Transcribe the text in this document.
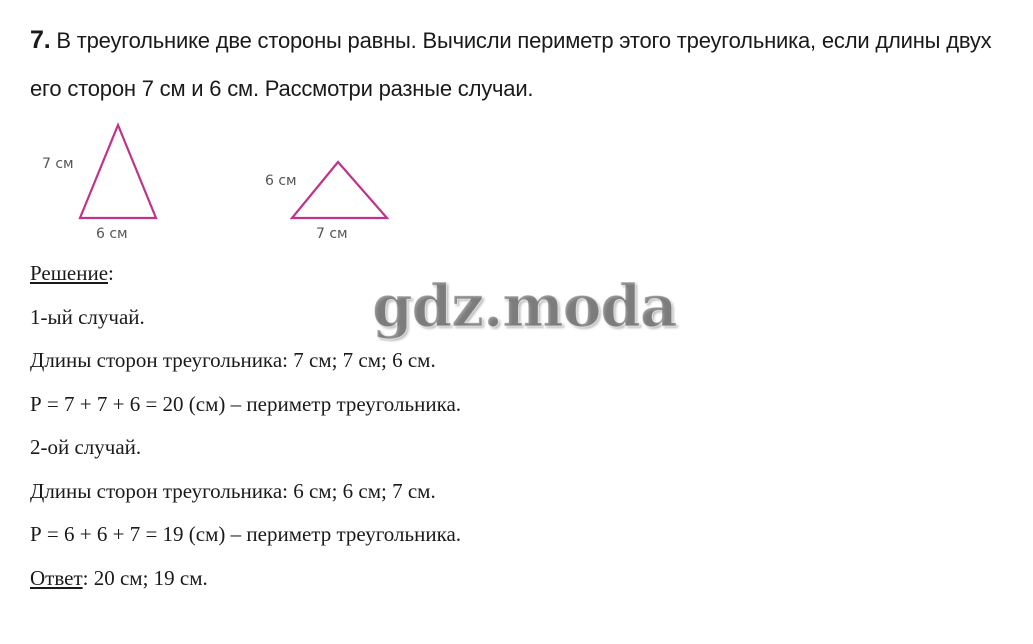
7. В треугольнике две стороны равны. Вычисли периметр этого треугольника, если длины двух его сторон 7 см и 6 см. Рассмотри разные случаи.
7 см
6 см
6 см
7 см
Решение:
1-ый случай.
Длины сторон треугольника: 7 см; 7 см; 6 см.
Р = 7 + 7 + 6 = 20 (см) – периметр треугольника.
2-ой случай.
Длины сторон треугольника: 6 см; 6 см; 7 см.
Р = 6 + 6 + 7 = 19 (см) – периметр треугольника.
Ответ: 20 см; 19 см.
gdz.moda
